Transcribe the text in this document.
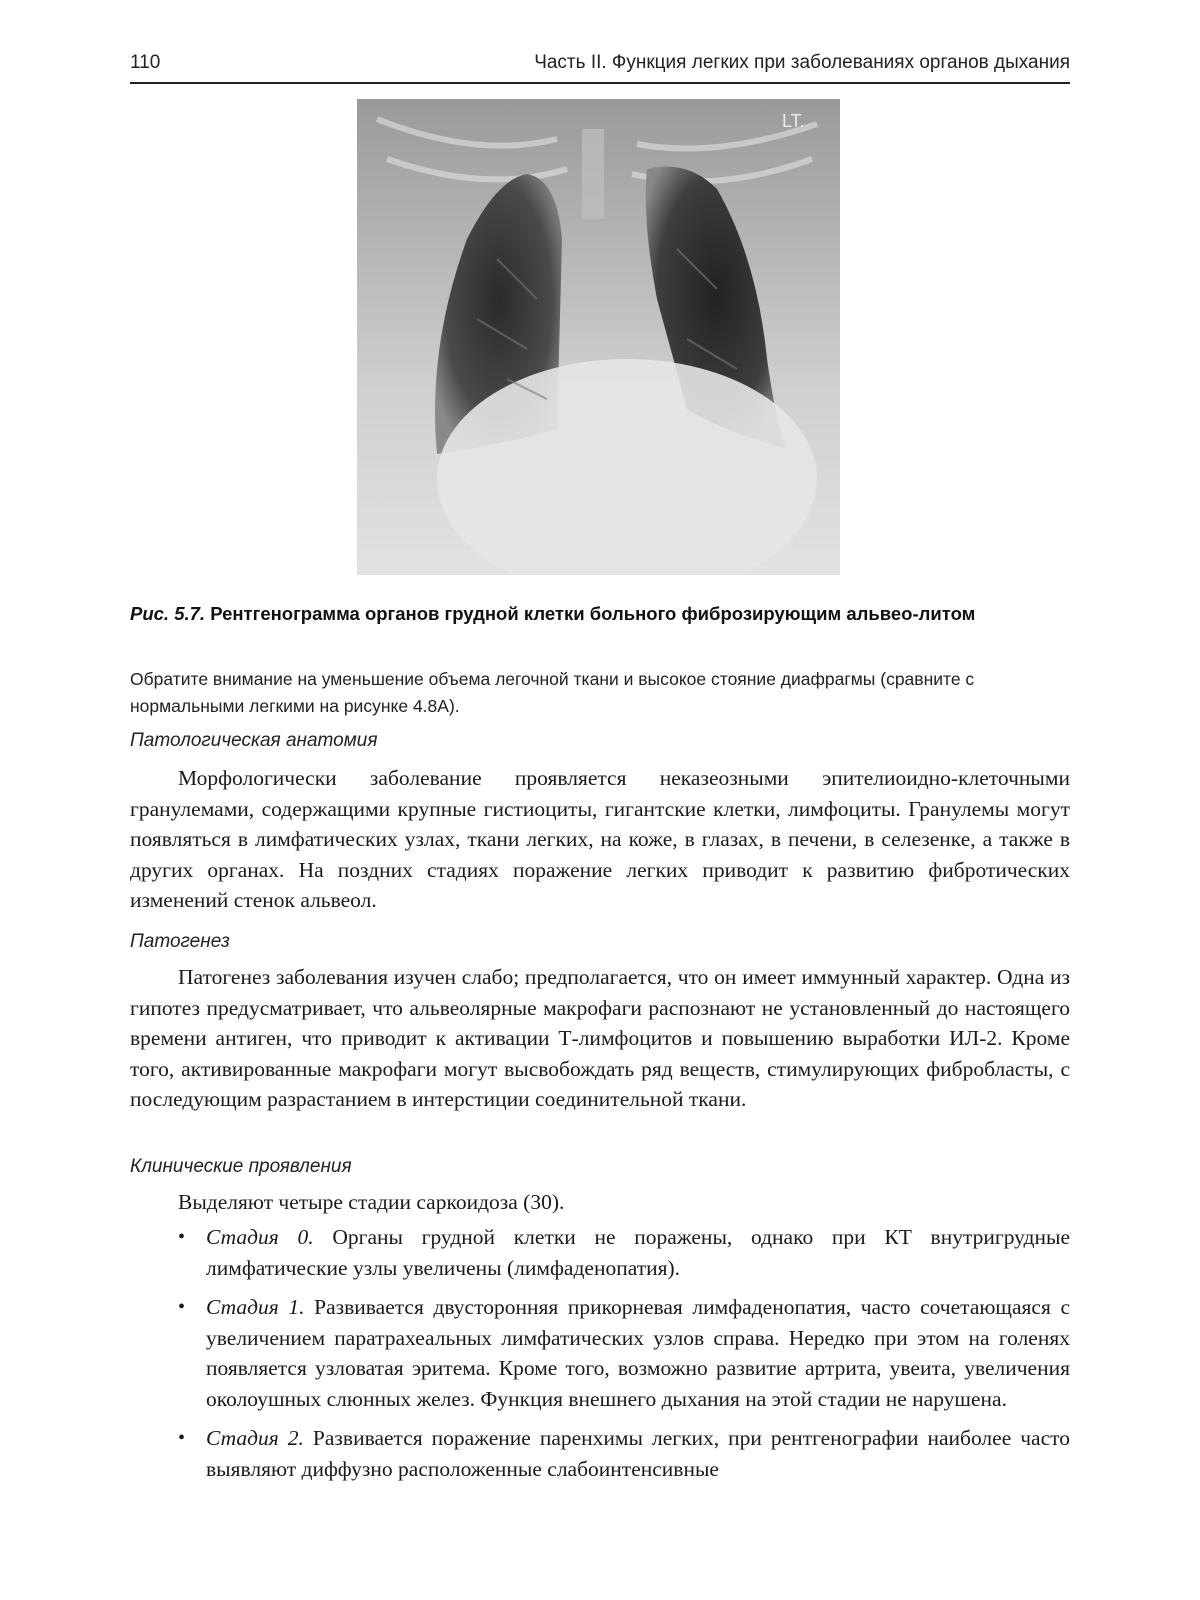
110	Часть II. Функция легких при заболеваниях органов дыхания
LT.
Рис. 5.7. Рентгенограмма органов грудной клетки больного фиброзирующим альвео-литом
Обратите внимание на уменьшение объема легочной ткани и высокое стояние диафрагмы (сравните с нормальными легкими на рисунке 4.8А).
Патологическая анатомия
Морфологически заболевание проявляется неказеозными эпителиоидно-клеточными гранулемами, содержащими крупные гистиоциты, гигантские клетки, лимфоциты. Гранулемы могут появляться в лимфатических узлах, ткани легких, на коже, в глазах, в печени, в селезенке, а также в других органах. На поздних стадиях поражение легких приводит к развитию фибротических изменений стенок альвеол.
Патогенез
Патогенез заболевания изучен слабо; предполагается, что он имеет иммунный характер. Одна из гипотез предусматривает, что альвеолярные макрофаги распознают не установленный до настоящего времени антиген, что приводит к активации Т-лимфоцитов и повышению выработки ИЛ-2. Кроме того, активированные макрофаги могут высвобождать ряд веществ, стимулирующих фибробласты, с последующим разрастанием в интерстиции соединительной ткани.
Клинические проявления
Выделяют четыре стадии саркоидоза (30).
• Стадия 0. Органы грудной клетки не поражены, однако при КТ внутригрудные лимфатические узлы увеличены (лимфаденопатия).
• Стадия 1. Развивается двусторонняя прикорневая лимфаденопатия, часто сочетающаяся с увеличением паратрахеальных лимфатических узлов справа. Нередко при этом на голенях появляется узловатая эритема. Кроме того, возможно развитие артрита, увеита, увеличения околоушных слюнных желез. Функция внешнего дыхания на этой стадии не нарушена.
• Стадия 2. Развивается поражение паренхимы легких, при рентгенографии наиболее часто выявляют диффузно расположенные слабоинтенсивные
